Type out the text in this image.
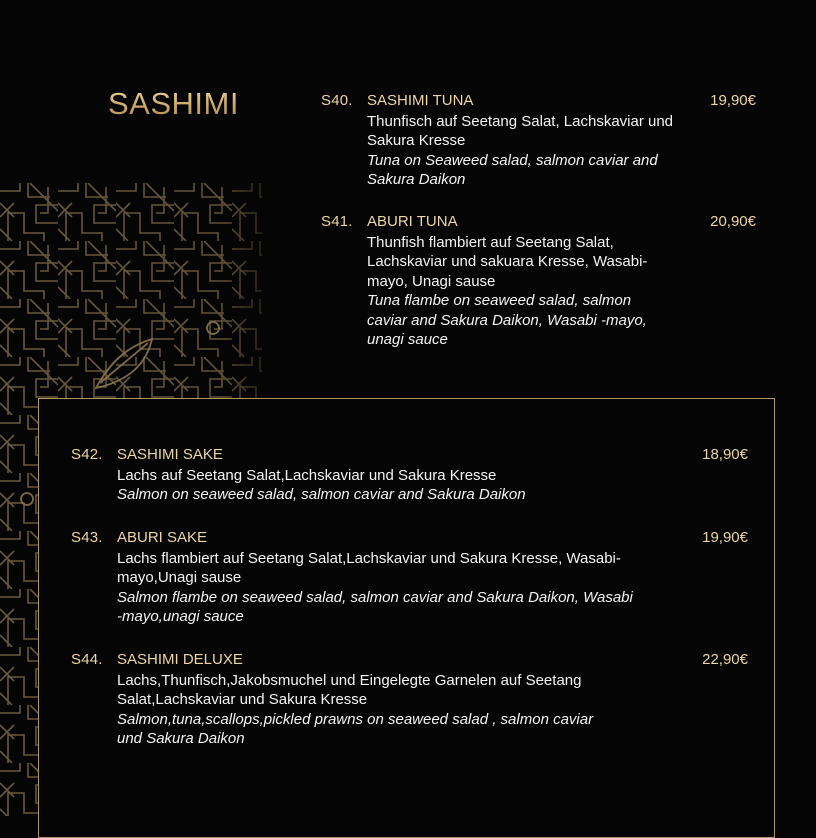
SASHIMI	S40. SASHIMI TUNA	19,90€
Thunfisch auf Seetang Salat, Lachskaviar und Sakura Kresse
Tuna on Seaweed salad, salmon caviar and Sakura Daikon
S41. ABURI TUNA	20,90€
Thunfish flambiert auf Seetang Salat, Lachskaviar und sakuara Kresse, Wasabi-mayo, Unagi sause
Tuna flambe on seaweed salad, salmon caviar and Sakura Daikon, Wasabi -mayo, unagi sauce
S42. SASHIMI SAKE	18,90€
Lachs auf Seetang Salat,Lachskaviar und Sakura Kresse
Salmon on seaweed salad, salmon caviar and Sakura Daikon
S43. ABURI SAKE	19,90€
Lachs flambiert auf Seetang Salat,Lachskaviar und Sakura Kresse, Wasabi-mayo,Unagi sause
Salmon flambe on seaweed salad, salmon caviar and Sakura Daikon, Wasabi -mayo,unagi sauce
S44. SASHIMI DELUXE	22,90€
Lachs,Thunfisch,Jakobsmuchel und Eingelegte Garnelen auf Seetang Salat,Lachskaviar und Sakura Kresse
Salmon,tuna,scallops,pickled prawns on seaweed salad , salmon caviar und Sakura Daikon
